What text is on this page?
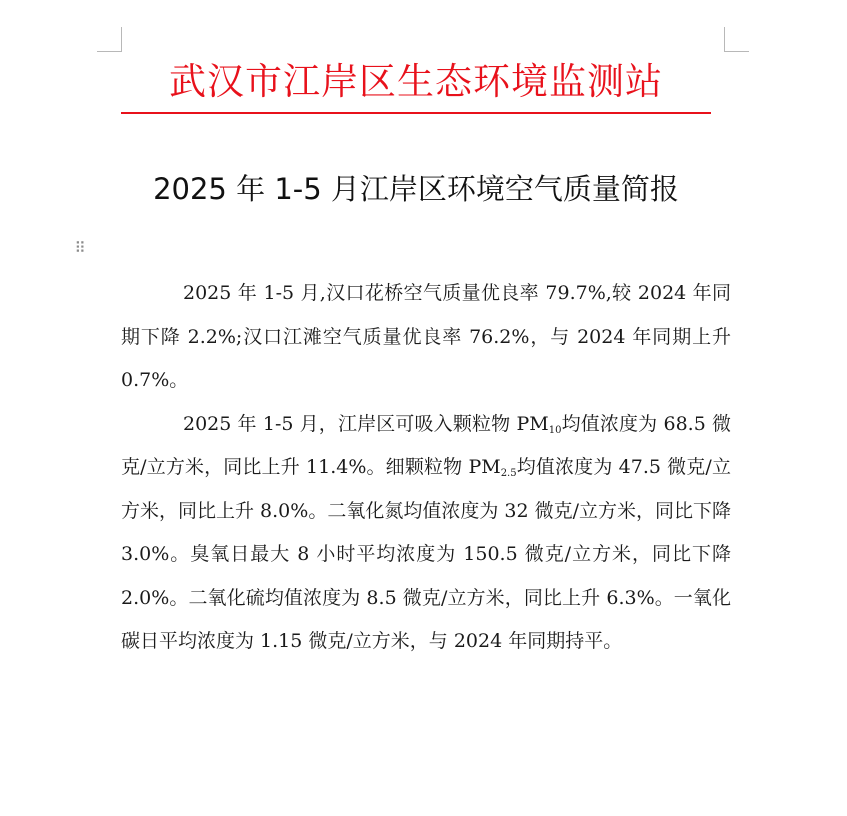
武汉市江岸区生态环境监测站
2025 年 1-5 月江岸区环境空气质量简报
⠿

2025 年 1-5 月,汉口花桥空气质量优良率 79.7%,较 2024 年同期下降 2.2%;汉口江滩空气质量优良率 76.2%，与 2024 年同期上升 0.7%。

2025 年 1-5 月，江岸区可吸入颗粒物 $PM_{10}$均值浓度为 68.5 微克/立方米，同比上升 11.4%。细颗粒物 $PM_{2.5}$均值浓度为 47.5 微克/立方米，同比上升 8.0%。二氧化氮均值浓度为 32 微克/立方米，同比下降 3.0%。臭氧日最大 8 小时平均浓度为 150.5 微克/立方米，同比下降 2.0%。二氧化硫均值浓度为 8.5 微克/立方米，同比上升 6.3%。一氧化碳日平均浓度为 1.15 微克/立方米，与 2024 年同期持平。
